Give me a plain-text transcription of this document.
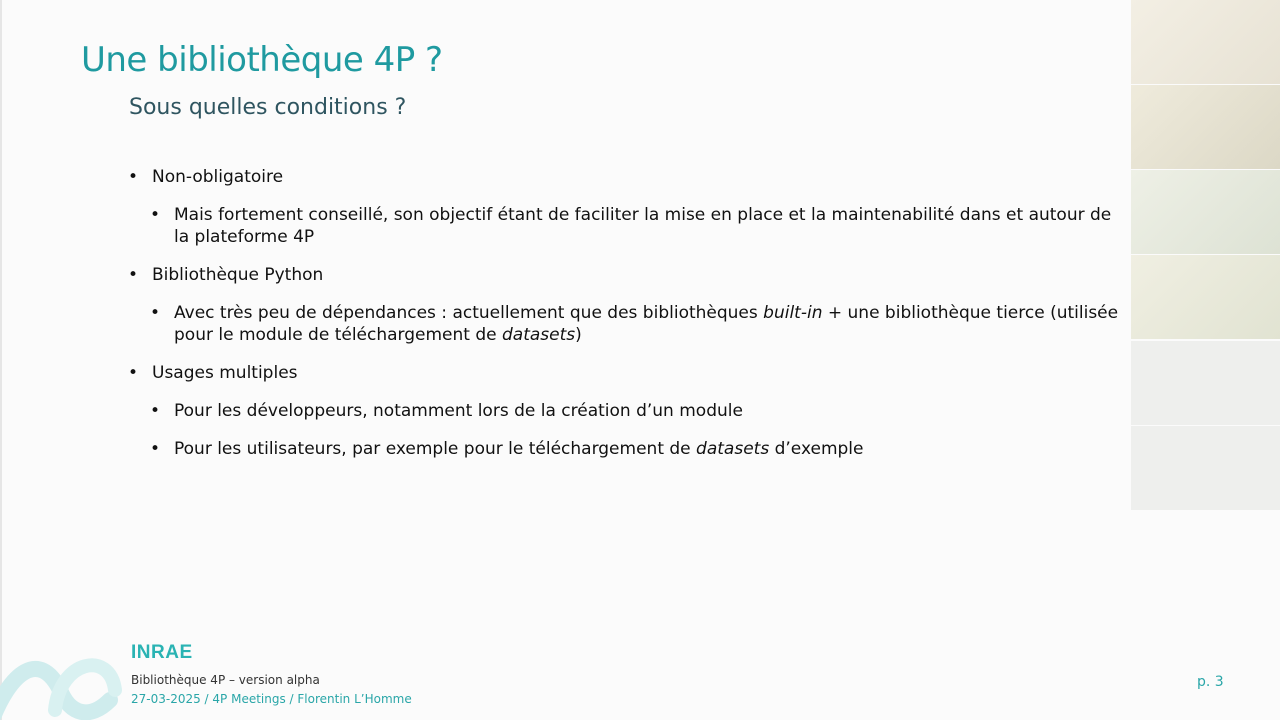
Une bibliothèque 4P ?
Sous quelles conditions ?
• Non-obligatoire
• Mais fortement conseillé, son objectif étant de faciliter la mise en place et la maintenabilité dans et autour de la plateforme 4P
• Bibliothèque Python
• Avec très peu de dépendances : actuellement que des bibliothèques built-in + une bibliothèque tierce (utilisée pour le module de téléchargement de datasets)
• Usages multiples
• Pour les développeurs, notamment lors de la création d’un module
• Pour les utilisateurs, par exemple pour le téléchargement de datasets d’exemple
INRAE
Bibliothèque 4P – version alpha
27-03-2025 / 4P Meetings / Florentin L’Homme
p. 3
